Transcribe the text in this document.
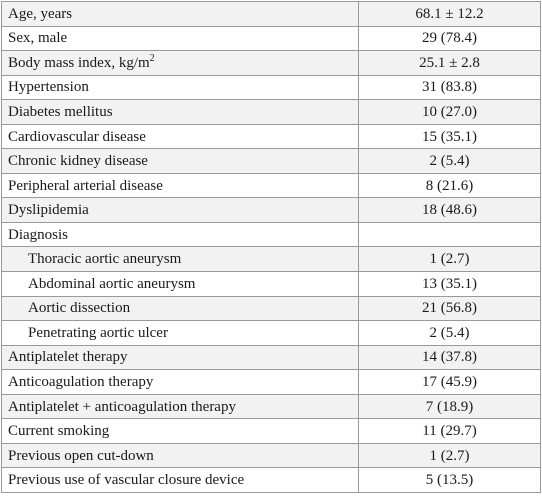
Age, years	68.1 ± 12.2
Sex, male	29 (78.4)
Body mass index, $kg/m^2$	25.1 ± 2.8
Hypertension	31 (83.8)
Diabetes mellitus	10 (27.0)
Cardiovascular disease	15 (35.1)
Chronic kidney disease	2 (5.4)
Peripheral arterial disease	8 (21.6)
Dyslipidemia	18 (48.6)
Diagnosis	
Thoracic aortic aneurysm	1 (2.7)
Abdominal aortic aneurysm	13 (35.1)
Aortic dissection	21 (56.8)
Penetrating aortic ulcer	2 (5.4)
Antiplatelet therapy	14 (37.8)
Anticoagulation therapy	17 (45.9)
Antiplatelet + anticoagulation therapy	7 (18.9)
Current smoking	11 (29.7)
Previous open cut-down	1 (2.7)
Previous use of vascular closure device	5 (13.5)
